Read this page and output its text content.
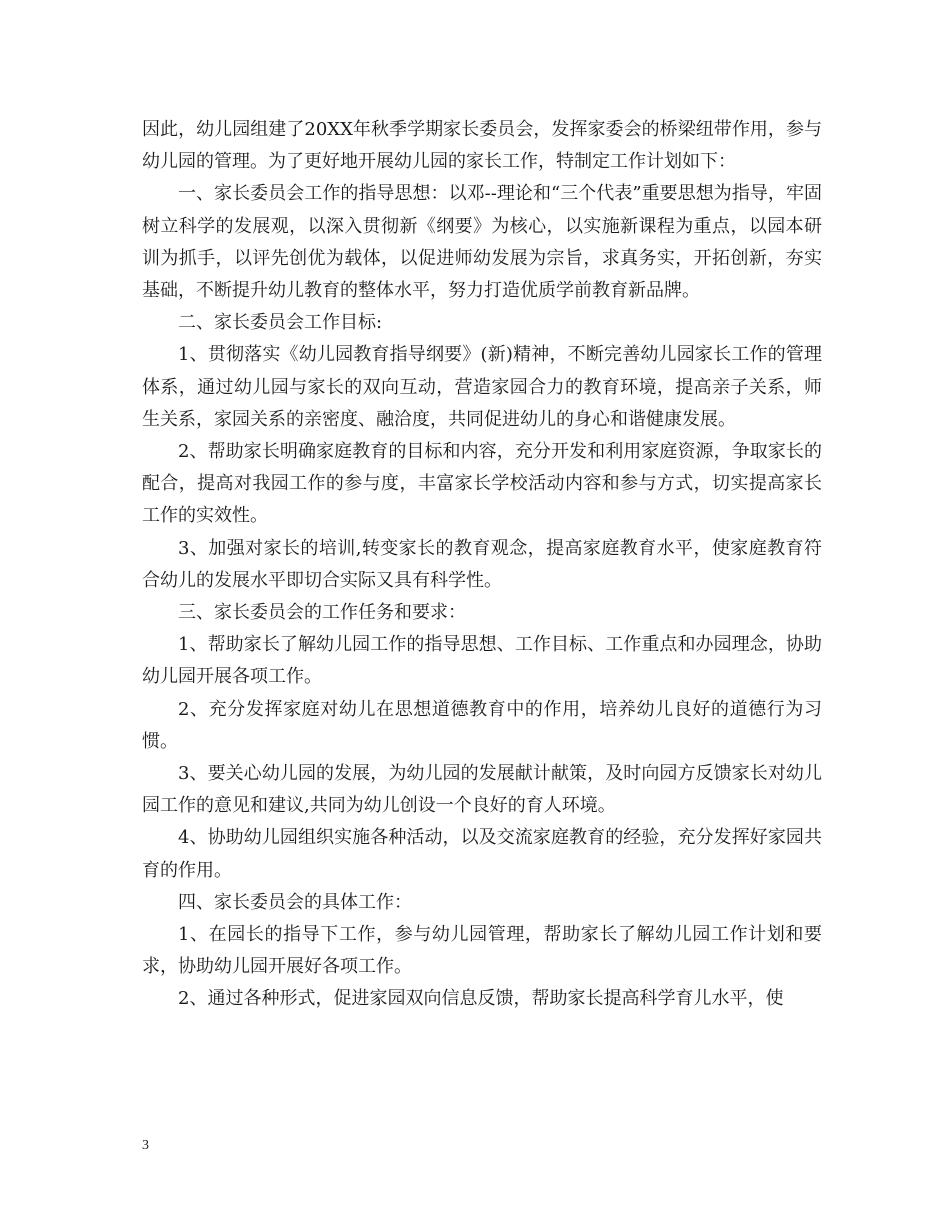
因此，幼儿园组建了20XX年秋季学期家长委员会，发挥家委会的桥梁纽带作用，参与幼儿园的管理。为了更好地开展幼儿园的家长工作，特制定工作计划如下：

一、家长委员会工作的指导思想：以邓--理论和“三个代表”重要思想为指导，牢固树立科学的发展观，以深入贯彻新《纲要》为核心，以实施新课程为重点，以园本研训为抓手，以评先创优为载体，以促进师幼发展为宗旨，求真务实，开拓创新，夯实基础，不断提升幼儿教育的整体水平，努力打造优质学前教育新品牌。

二、家长委员会工作目标:

1、贯彻落实《幼儿园教育指导纲要》(新)精神，不断完善幼儿园家长工作的管理体系，通过幼儿园与家长的双向互动，营造家园合力的教育环境，提高亲子关系，师生关系，家园关系的亲密度、融洽度，共同促进幼儿的身心和谐健康发展。

2、帮助家长明确家庭教育的目标和内容，充分开发和利用家庭资源，争取家长的配合，提高对我园工作的参与度，丰富家长学校活动内容和参与方式，切实提高家长工作的实效性。

3、加强对家长的培训,转变家长的教育观念，提高家庭教育水平，使家庭教育符合幼儿的发展水平即切合实际又具有科学性。

三、家长委员会的工作任务和要求：

1、帮助家长了解幼儿园工作的指导思想、工作目标、工作重点和办园理念，协助幼儿园开展各项工作。

2、充分发挥家庭对幼儿在思想道德教育中的作用，培养幼儿良好的道德行为习惯。

3、要关心幼儿园的发展，为幼儿园的发展献计献策，及时向园方反馈家长对幼儿园工作的意见和建议,共同为幼儿创设一个良好的育人环境。

4、协助幼儿园组织实施各种活动，以及交流家庭教育的经验，充分发挥好家园共育的作用。

四、家长委员会的具体工作：

1、在园长的指导下工作，参与幼儿园管理，帮助家长了解幼儿园工作计划和要求，协助幼儿园开展好各项工作。

2、通过各种形式，促进家园双向信息反馈，帮助家长提高科学育儿水平，使

3
